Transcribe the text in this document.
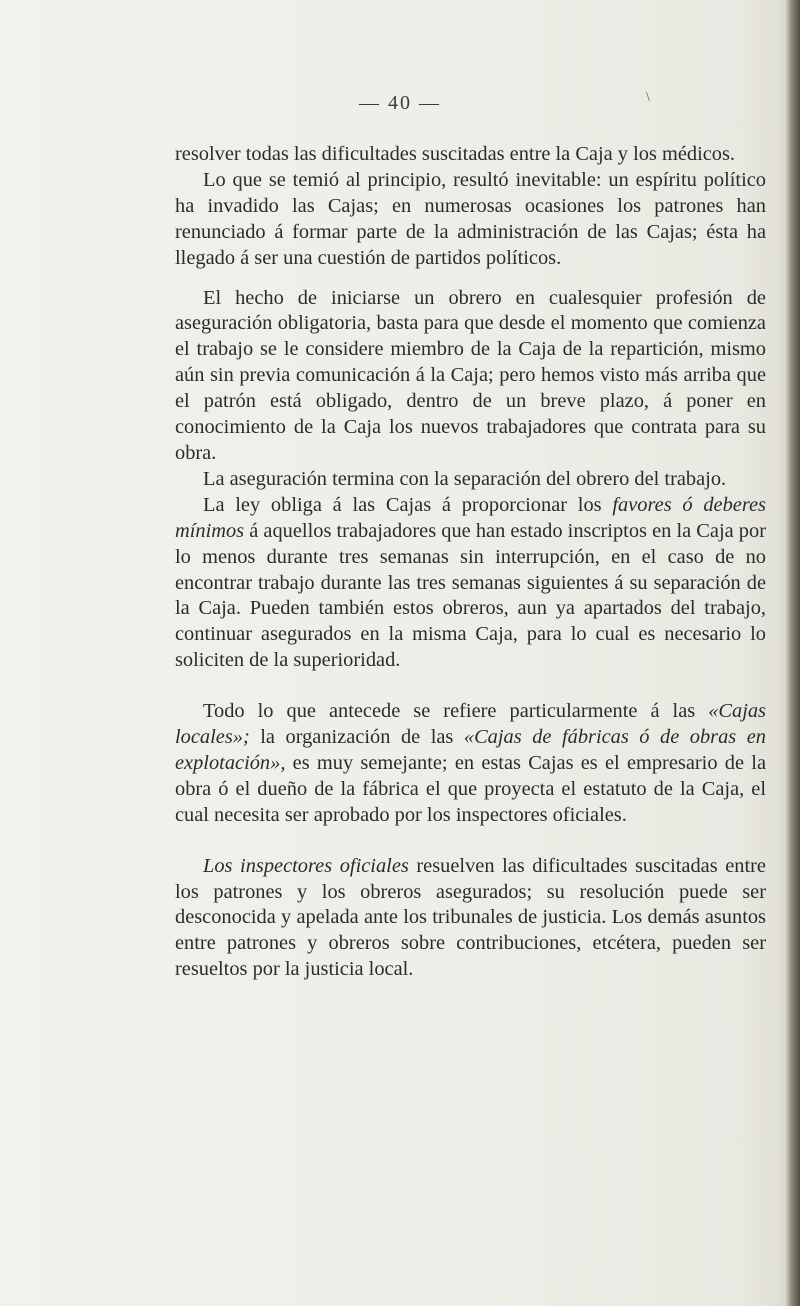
\
— 40 —

resolver todas las dificultades suscitadas entre la Caja y los médicos.

Lo que se temió al principio, resultó inevitable: un espíritu político ha invadido las Cajas; en numerosas ocasiones los patrones han renunciado á formar parte de la administración de las Cajas; ésta ha llegado á ser una cuestión de partidos políticos.

El hecho de iniciarse un obrero en cualesquier profesión de aseguración obligatoria, basta para que desde el momento que comienza el trabajo se le considere miembro de la Caja de la repartición, mismo aún sin previa comunicación á la Caja; pero hemos visto más arriba que el patrón está obligado, dentro de un breve plazo, á poner en conocimiento de la Caja los nuevos trabajadores que contrata para su obra.

La aseguración termina con la separación del obrero del trabajo.

La ley obliga á las Cajas á proporcionar los favores ó deberes mínimos á aquellos trabajadores que han estado inscriptos en la Caja por lo menos durante tres semanas sin interrupción, en el caso de no encontrar trabajo durante las tres semanas siguientes á su separación de la Caja. Pueden también estos obreros, aun ya apartados del trabajo, continuar asegurados en la misma Caja, para lo cual es necesario lo soliciten de la superioridad.

Todo lo que antecede se refiere particularmente á las «Cajas locales»; la organización de las «Cajas de fábricas ó de obras en explotación», es muy semejante; en estas Cajas es el empresario de la obra ó el dueño de la fábrica el que proyecta el estatuto de la Caja, el cual necesita ser aprobado por los inspectores oficiales.

Los inspectores oficiales resuelven las dificultades suscitadas entre los patrones y los obreros asegurados; su resolución puede ser desconocida y apelada ante los tribunales de justicia. Los demás asuntos entre patrones y obreros sobre contribuciones, etcétera, pueden ser resueltos por la justicia local.
